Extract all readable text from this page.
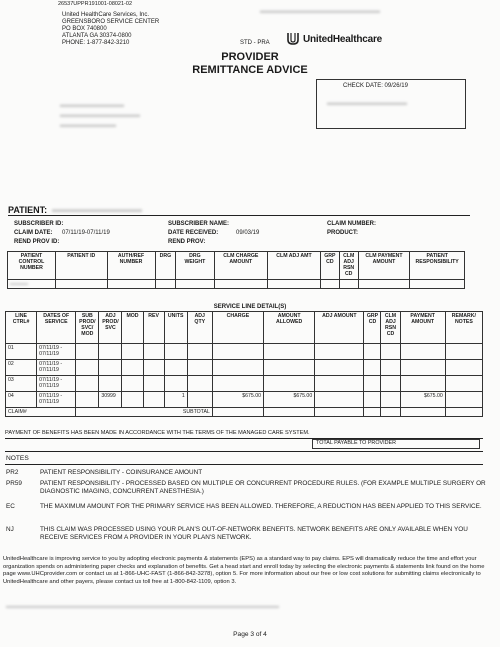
26537UPPR191001-08021-02
United HealthCare Services, Inc.
GREENSBORO SERVICE CENTER
PO BOX 740800
ATLANTA GA 30374-0800
PHONE: 1-877-842-3210
▬▬▬▬▬▬▬▬▬▬▬▬▬▬▬
STD - PRA	UnitedHealthcare
PROVIDER
REMITTANCE ADVICE
CHECK DATE: 09/26/19
▬▬▬▬▬▬▬▬▬▬
▬▬▬▬▬▬▬▬
▬▬▬▬▬▬▬▬▬▬
▬▬▬▬▬▬▬
PATIENT: ▬▬▬▬▬▬▬▬▬▬
SUBSCRIBER ID:	SUBSCRIBER NAME:	CLAIM NUMBER:
CLAIM DATE: 07/11/19-07/11/19	DATE RECEIVED:	09/03/19	PRODUCT:
REND PROV ID:	REND PROV:
PATIENT CONTROL NUMBER	PATIENT ID	AUTH/REF NUMBER	DRG	DRG WEIGHT	CLM CHARGE AMOUNT	CLM ADJ AMT	GRP CD	CLM ADJ RSN CD	CLM PAYMENT AMOUNT	PATIENT RESPONSIBILITY
▬▬▬										
SERVICE LINE DETAIL(S)
LINE CTRL#	DATES OF SERVICE	SUB PROD/ SVC/ MOD	ADJ PROD/ SVC	MOD	REV	UNITS	ADJ QTY	CHARGE	AMOUNT ALLOWED	ADJ AMOUNT	GRP CD	CLM ADJ RSN CD	PAYMENT AMOUNT	REMARK/ NOTES
01	07/11/19 - 07/11/19													
02	07/11/19 - 07/11/19													
03	07/11/19 - 07/11/19													
04	07/11/19 - 07/11/19		30999			1		$675.00	$675.00				$675.00	
CLAIM#		SUBTOTAL												
PAYMENT OF BENEFITS HAS BEEN MADE IN ACCORDANCE WITH THE TERMS OF THE MANAGED CARE SYSTEM.
TOTAL PAYABLE TO PROVIDER
NOTES
PR2	PATIENT RESPONSIBILITY - COINSURANCE AMOUNT
PR59	PATIENT RESPONSIBILITY - PROCESSED BASED ON MULTIPLE OR CONCURRENT PROCEDURE RULES. (FOR EXAMPLE MULTIPLE SURGERY OR DIAGNOSTIC IMAGING, CONCURRENT ANESTHESIA.)
EC	THE MAXIMUM AMOUNT FOR THE PRIMARY SERVICE HAS BEEN ALLOWED. THEREFORE, A REDUCTION HAS BEEN APPLIED TO THIS SERVICE.
NJ	THIS CLAIM WAS PROCESSED USING YOUR PLAN'S OUT-OF-NETWORK BENEFITS. NETWORK BENEFITS ARE ONLY AVAILABLE WHEN YOU RECEIVE SERVICES FROM A PROVIDER IN YOUR PLAN'S NETWORK.
UnitedHealthcare is improving service to you by adopting electronic payments & statements (EPS) as a standard way to pay claims. EPS will dramatically reduce the time and effort your organization spends on administering paper checks and explanation of benefits. Get a head start and enroll today by selecting the electronic payments & statements link found on the home page www.UHCprovider.com or contact us at 1-866-UHC-FAST (1-866-842-3278), option 5. For more information about our free or low cost solutions for submitting claims electronically to UnitedHealthcare and other payers, please contact us toll free at 1-800-842-1109, option 3.
▬▬▬▬▬▬▬▬▬▬▬▬▬▬▬▬▬▬▬▬▬▬▬▬▬▬▬▬▬▬▬▬▬▬▬▬▬▬▬
Page 3 of 4
